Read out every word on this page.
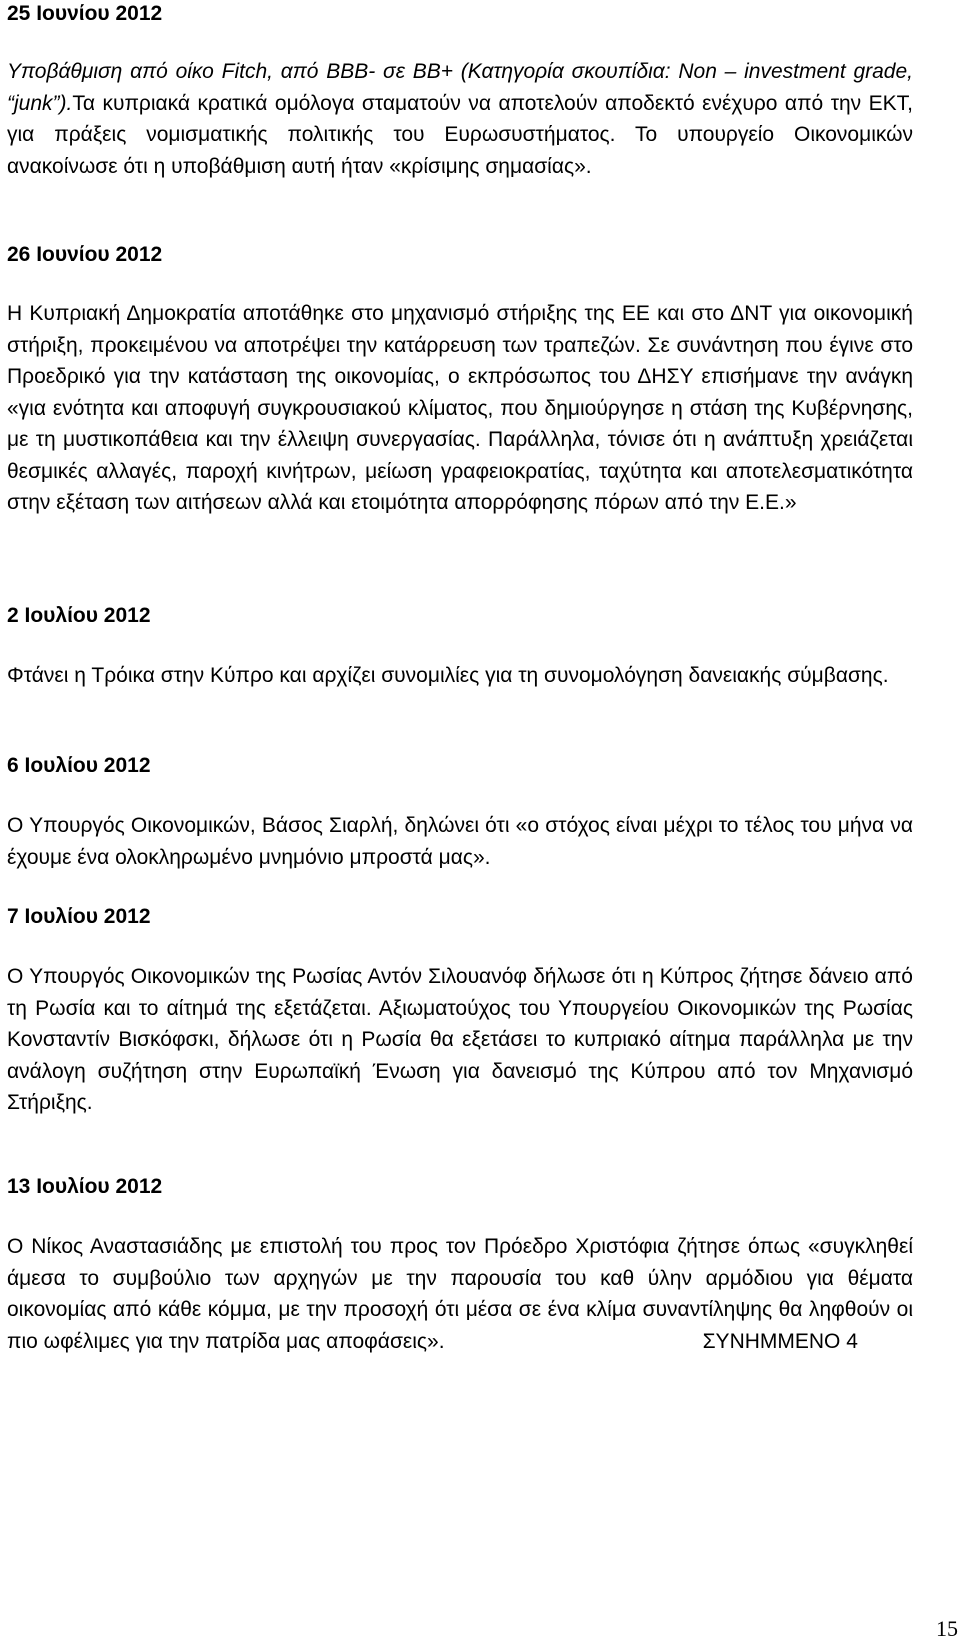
25 Ιουνίου 2012

Υποβάθμιση από οίκο Fitch, από BBB- σε BB+ (Κατηγορία σκουπίδια: Non – investment grade, “junk”).Τα κυπριακά κρατικά ομόλογα σταματούν να αποτελούν αποδεκτό ενέχυρο από την ΕΚΤ, για πράξεις νομισματικής πολιτικής του Ευρωσυστήματος. Το υπουργείο Οικονομικών ανακοίνωσε ότι η υποβάθμιση αυτή ήταν «κρίσιμης σημασίας».

26 Ιουνίου 2012

Η Κυπριακή Δημοκρατία αποτάθηκε στο μηχανισμό στήριξης της ΕΕ και στο ΔΝΤ για οικονομική στήριξη, προκειμένου να αποτρέψει την κατάρρευση των τραπεζών. Σε συνάντηση που έγινε στο Προεδρικό για την κατάσταση της οικονομίας, ο εκπρόσωπος του ΔΗΣΥ επισήμανε την ανάγκη «για ενότητα και αποφυγή συγκρουσιακού κλίματος, που δημιούργησε η στάση της Κυβέρνησης, με τη μυστικοπάθεια και την έλλειψη συνεργασίας. Παράλληλα, τόνισε ότι η ανάπτυξη χρειάζεται θεσμικές αλλαγές, παροχή κινήτρων, μείωση γραφειοκρατίας, ταχύτητα και αποτελεσματικότητα στην εξέταση των αιτήσεων αλλά και ετοιμότητα απορρόφησης πόρων από την Ε.Ε.»

2 Ιουλίου 2012

Φτάνει η Τρόικα στην Κύπρο και αρχίζει συνομιλίες για τη συνομολόγηση δανειακής σύμβασης.

6 Ιουλίου 2012

Ο Υπουργός Οικονομικών, Βάσος Σιαρλή, δηλώνει ότι «ο στόχος είναι μέχρι το τέλος του μήνα να έχουμε ένα ολοκληρωμένο μνημόνιο μπροστά μας».

7 Ιουλίου 2012

Ο Υπουργός Οικονομικών της Ρωσίας Αντόν Σιλουανόφ δήλωσε ότι η Κύπρος ζήτησε δάνειο από τη Ρωσία και το αίτημά της εξετάζεται. Αξιωματούχος του Υπουργείου Οικονομικών της Ρωσίας Κονσταντίν Βισκόφσκι, δήλωσε ότι η Ρωσία θα εξετάσει το κυπριακό αίτημα παράλληλα με την ανάλογη συζήτηση στην Ευρωπαϊκή Ένωση για δανεισμό της Κύπρου από τον Μηχανισμό Στήριξης.

13 Ιουλίου 2012

Ο Νίκος Αναστασιάδης με επιστολή του προς τον Πρόεδρο Χριστόφια ζήτησε όπως «συγκληθεί άμεσα το συμβούλιο των αρχηγών με την παρουσία του καθ ύλην αρμόδιου για θέματα οικονομίας από κάθε κόμμα, με την προσοχή ότι μέσα σε ένα κλίμα συναντίληψης θα ληφθούν οι πιο ωφέλιμες για την πατρίδα μας αποφάσεις».	ΣΥΝΗΜΜΕΝΟ 4

15
